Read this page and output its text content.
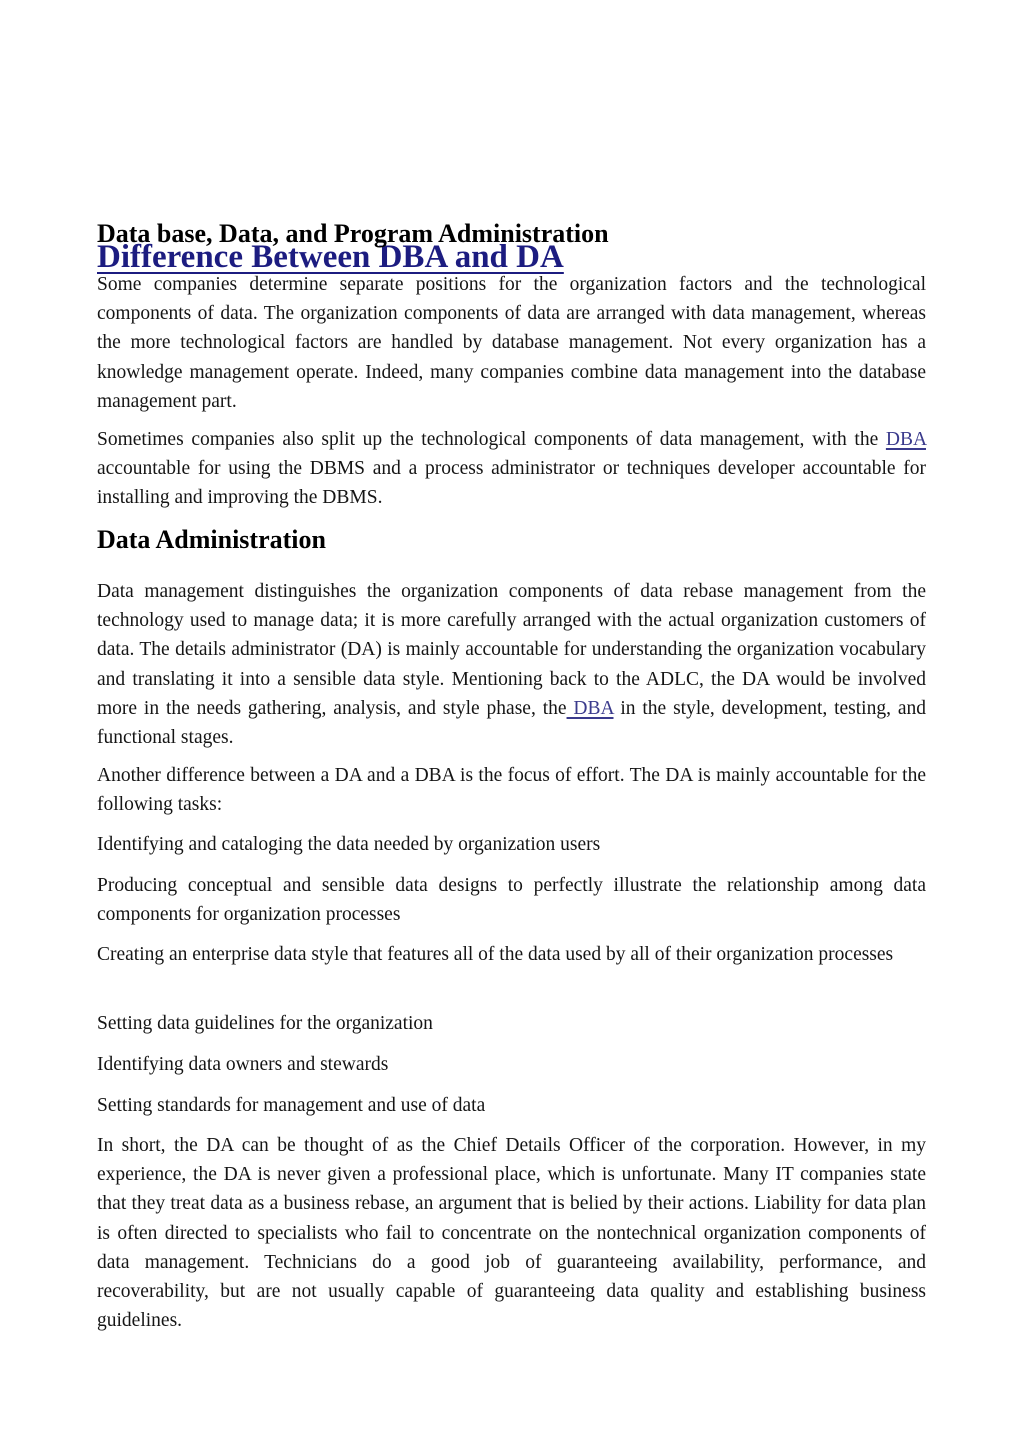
Difference Between DBA and DA
Data base, Data, and Program Administration

Some companies determine separate positions for the organization factors and the technological components of data. The organization components of data are arranged with data management, whereas the more technological factors are handled by database management. Not every organization has a knowledge management operate. Indeed, many companies combine data management into the database management part.

Sometimes companies also split up the technological components of data management, with the DBA accountable for using the DBMS and a process administrator or techniques developer accountable for installing and improving the DBMS.

Data Administration

Data management distinguishes the organization components of data rebase management from the technology used to manage data; it is more carefully arranged with the actual organization customers of data. The details administrator (DA) is mainly accountable for understanding the organization vocabulary and translating it into a sensible data style. Mentioning back to the ADLC, the DA would be involved more in the needs gathering, analysis, and style phase, the DBA in the style, development, testing, and functional stages.

Another difference between a DA and a DBA is the focus of effort. The DA is mainly accountable for the following tasks:

Identifying and cataloging the data needed by organization users

Producing conceptual and sensible data designs to perfectly illustrate the relationship among data components for organization processes

Creating an enterprise data style that features all of the data used by all of their organization processes

Setting data guidelines for the organization

Identifying data owners and stewards

Setting standards for management and use of data

In short, the DA can be thought of as the Chief Details Officer of the corporation. However, in my experience, the DA is never given a professional place, which is unfortunate. Many IT companies state that they treat data as a business rebase, an argument that is belied by their actions. Liability for data plan is often directed to specialists who fail to concentrate on the nontechnical organization components of data management. Technicians do a good job of guaranteeing availability, performance, and recoverability, but are not usually capable of guaranteeing data quality and establishing business guidelines.
